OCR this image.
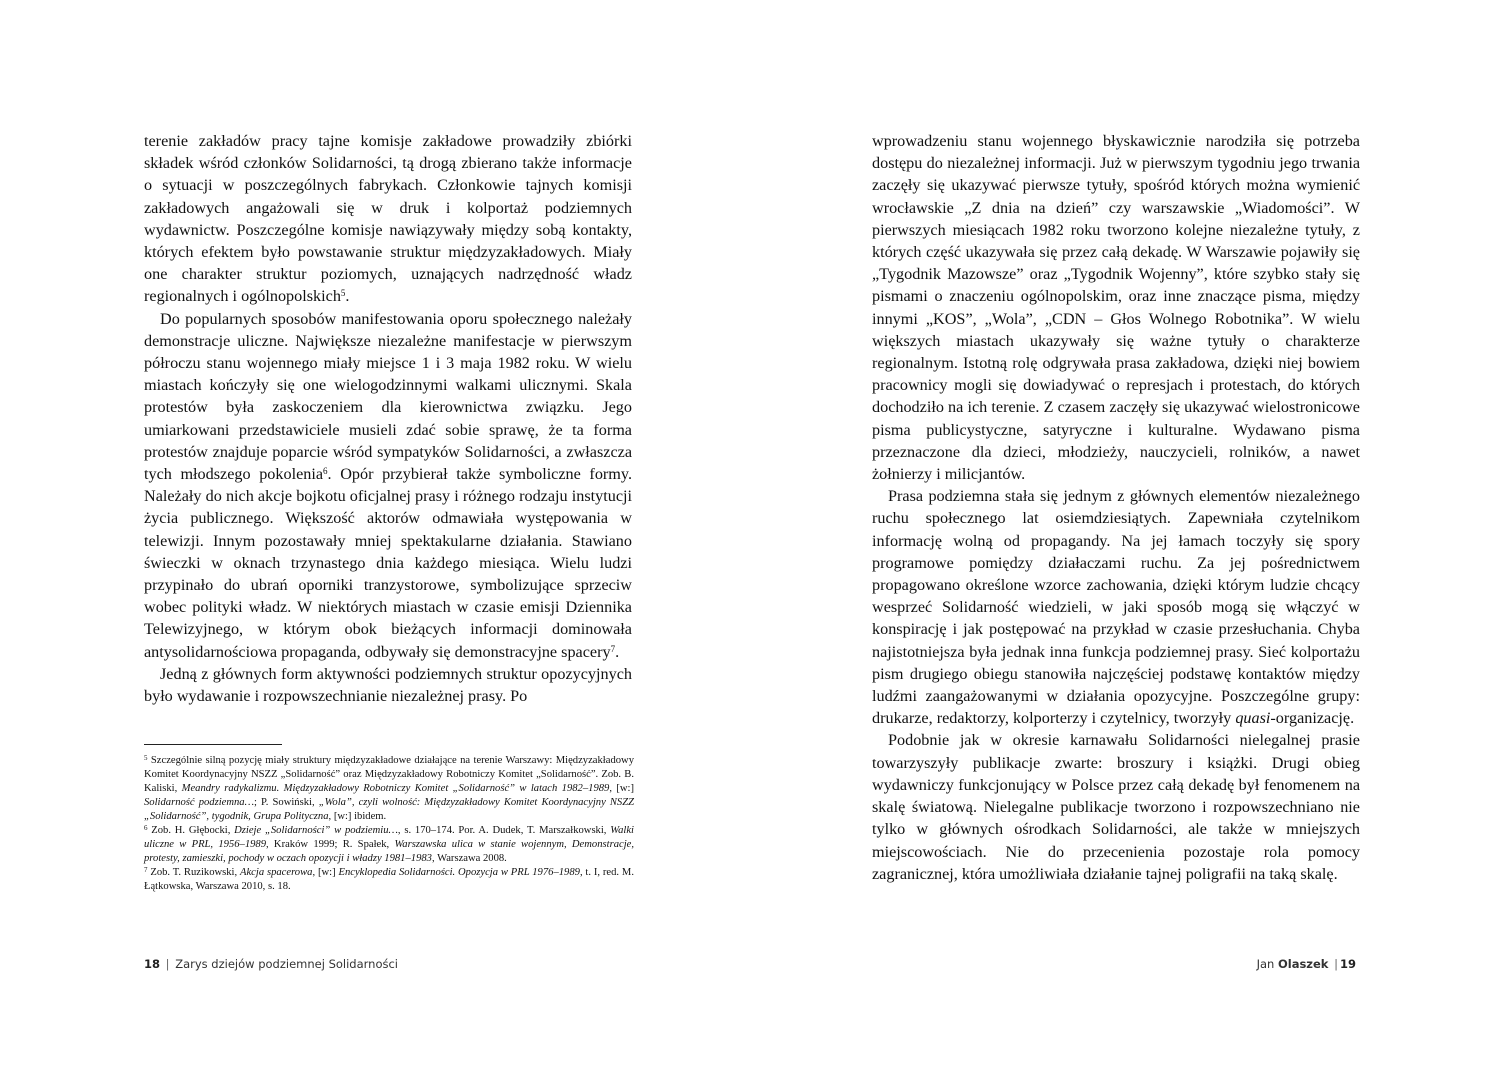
terenie zakładów pracy tajne komisje zakładowe prowadziły zbiórki składek wśród członków Solidarności, tą drogą zbierano także informacje o sytuacji w poszczególnych fabrykach. Członkowie tajnych komisji zakładowych angażowali się w druk i kolportaż podziemnych wydawnictw. Poszczególne komisje nawiązywały między sobą kontakty, których efektem było powstawanie struktur międzyzakładowych. Miały one charakter struktur poziomych, uznających nadrzędność władz regionalnych i ogólnopolskich$^5$.

Do popularnych sposobów manifestowania oporu społecznego należały demonstracje uliczne. Największe niezależne manifestacje w pierwszym półroczu stanu wojennego miały miejsce 1 i 3 maja 1982 roku. W wielu miastach kończyły się one wielogodzinnymi walkami ulicznymi. Skala protestów była zaskoczeniem dla kierownictwa związku. Jego umiarkowani przedstawiciele musieli zdać sobie sprawę, że ta forma protestów znajduje poparcie wśród sympatyków Solidarności, a zwłaszcza tych młodszego pokolenia$^6$. Opór przybierał także symboliczne formy. Należały do nich akcje bojkotu oficjalnej prasy i różnego rodzaju instytucji życia publicznego. Większość aktorów odmawiała występowania w telewizji. Innym pozostawały mniej spektakularne działania. Stawiano świeczki w oknach trzynastego dnia każdego miesiąca. Wielu ludzi przypinało do ubrań oporniki tranzystorowe, symbolizujące sprzeciw wobec polityki władz. W niektórych miastach w czasie emisji Dziennika Telewizyjnego, w którym obok bieżących informacji dominowała antysolidarnościowa propaganda, odbywały się demonstracyjne spacery$^7$.

Jedną z głównych form aktywności podziemnych struktur opozycyjnych było wydawanie i rozpowszechnianie niezależnej prasy. Po

$^5$ Szczególnie silną pozycję miały struktury międzyzakładowe działające na terenie Warszawy: Międzyzakładowy Komitet Koordynacyjny NSZZ „Solidarność” oraz Międzyzakładowy Robotniczy Komitet „Solidarność”. Zob. B. Kaliski, Meandry radykalizmu. Międzyzakładowy Robotniczy Komitet „Solidarność” w latach 1982–1989, [w:] Solidarność podziemna…; P. Sowiński, „Wola”, czyli wolność: Międzyzakładowy Komitet Koordynacyjny NSZZ „Solidarność”, tygodnik, Grupa Polityczna, [w:] ibidem.

$^6$ Zob. H. Głębocki, Dzieje „Solidarności” w podziemiu…, s. 170–174. Por. A. Dudek, T. Marszałkowski, Walki uliczne w PRL, 1956–1989, Kraków 1999; R. Spałek, Warszawska ulica w stanie wojennym, Demonstracje, protesty, zamieszki, pochody w oczach opozycji i władzy 1981–1983, Warszawa 2008.

$^7$ Zob. T. Ruzikowski, Akcja spacerowa, [w:] Encyklopedia Solidarności. Opozycja w PRL 1976–1989, t. I, red. M. Łątkowska, Warszawa 2010, s. 18.

wprowadzeniu stanu wojennego błyskawicznie narodziła się potrzeba dostępu do niezależnej informacji. Już w pierwszym tygodniu jego trwania zaczęły się ukazywać pierwsze tytuły, spośród których można wymienić wrocławskie „Z dnia na dzień” czy warszawskie „Wiadomości”. W pierwszych miesiącach 1982 roku tworzono kolejne niezależne tytuły, z których część ukazywała się przez całą dekadę. W Warszawie pojawiły się „Tygodnik Mazowsze” oraz „Tygodnik Wojenny”, które szybko stały się pismami o znaczeniu ogólnopolskim, oraz inne znaczące pisma, między innymi „KOS”, „Wola”, „CDN – Głos Wolnego Robotnika”. W wielu większych miastach ukazywały się ważne tytuły o charakterze regionalnym. Istotną rolę odgrywała prasa zakładowa, dzięki niej bowiem pracownicy mogli się dowiadywać o represjach i protestach, do których dochodziło na ich terenie. Z czasem zaczęły się ukazywać wielostronicowe pisma publicystyczne, satyryczne i kulturalne. Wydawano pisma przeznaczone dla dzieci, młodzieży, nauczycieli, rolników, a nawet żołnierzy i milicjantów.

Prasa podziemna stała się jednym z głównych elementów niezależnego ruchu społecznego lat osiemdziesiątych. Zapewniała czytelnikom informację wolną od propagandy. Na jej łamach toczyły się spory programowe pomiędzy działaczami ruchu. Za jej pośrednictwem propagowano określone wzorce zachowania, dzięki którym ludzie chcący wesprzeć Solidarność wiedzieli, w jaki sposób mogą się włączyć w konspirację i jak postępować na przykład w czasie przesłuchania. Chyba najistotniejsza była jednak inna funkcja podziemnej prasy. Sieć kolportażu pism drugiego obiegu stanowiła najczęściej podstawę kontaktów między ludźmi zaangażowanymi w działania opozycyjne. Poszczególne grupy: drukarze, redaktorzy, kolporterzy i czytelnicy, tworzyły quasi-organizację.

Podobnie jak w okresie karnawału Solidarności nielegalnej prasie towarzyszyły publikacje zwarte: broszury i książki. Drugi obieg wydawniczy funkcjonujący w Polsce przez całą dekadę był fenomenem na skalę światową. Nielegalne publikacje tworzono i rozpowszechniano nie tylko w głównych ośrodkach Solidarności, ale także w mniejszych miejscowościach. Nie do przecenienia pozostaje rola pomocy zagranicznej, która umożliwiała działanie tajnej poligrafii na taką skalę.

18 | Zarys dziejów podziemnej Solidarności	Jan Olaszek | 19
